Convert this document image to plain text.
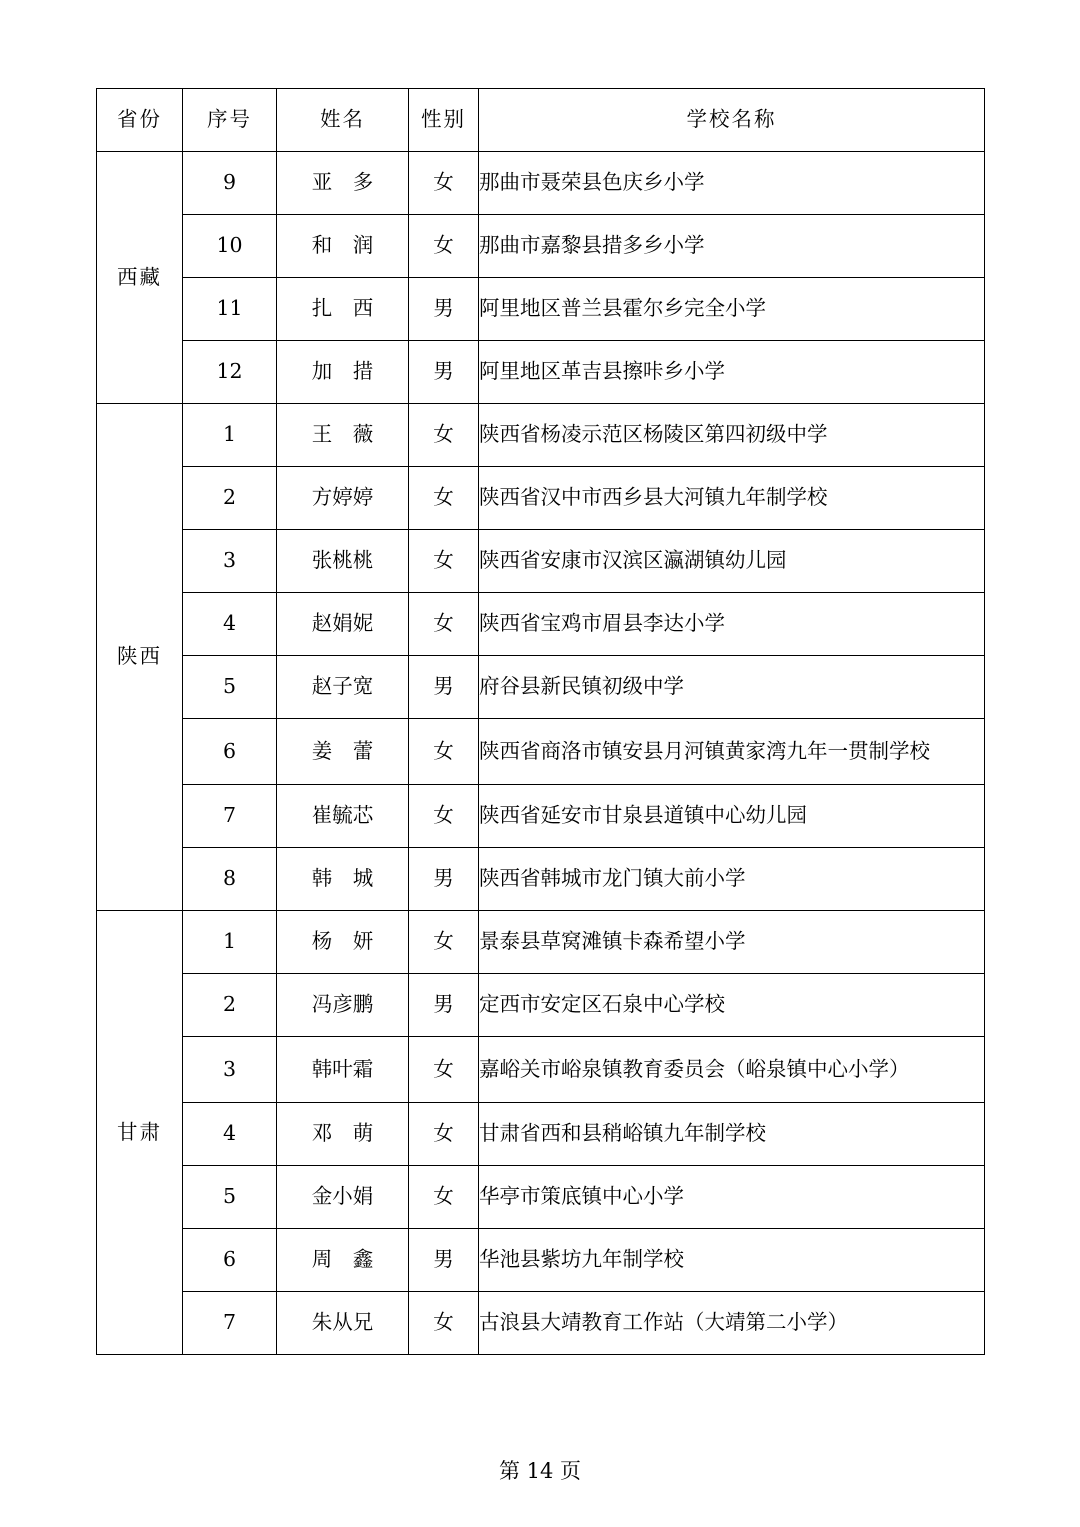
省份	序号	姓名	性别	学校名称
西藏	9	亚　多	女	那曲市聂荣县色庆乡小学
	10	和　润	女	那曲市嘉黎县措多乡小学
	11	扎　西	男	阿里地区普兰县霍尔乡完全小学
	12	加　措	男	阿里地区革吉县擦咔乡小学
陕西	1	王　薇	女	陕西省杨凌示范区杨陵区第四初级中学
	2	方婷婷	女	陕西省汉中市西乡县大河镇九年制学校
	3	张桃桃	女	陕西省安康市汉滨区瀛湖镇幼儿园
	4	赵娟妮	女	陕西省宝鸡市眉县李达小学
	5	赵子宽	男	府谷县新民镇初级中学
	6	姜　蕾	女	陕西省商洛市镇安县月河镇黄家湾九年一贯制学校
	7	崔毓芯	女	陕西省延安市甘泉县道镇中心幼儿园
	8	韩　城	男	陕西省韩城市龙门镇大前小学
甘肃	1	杨　妍	女	景泰县草窝滩镇卡森希望小学
	2	冯彦鹏	男	定西市安定区石泉中心学校
	3	韩叶霜	女	嘉峪关市峪泉镇教育委员会（峪泉镇中心小学）
	4	邓　萌	女	甘肃省西和县稍峪镇九年制学校
	5	金小娟	女	华亭市策底镇中心小学
	6	周　鑫	男	华池县紫坊九年制学校
	7	朱从兄	女	古浪县大靖教育工作站（大靖第二小学）
第 14 页
